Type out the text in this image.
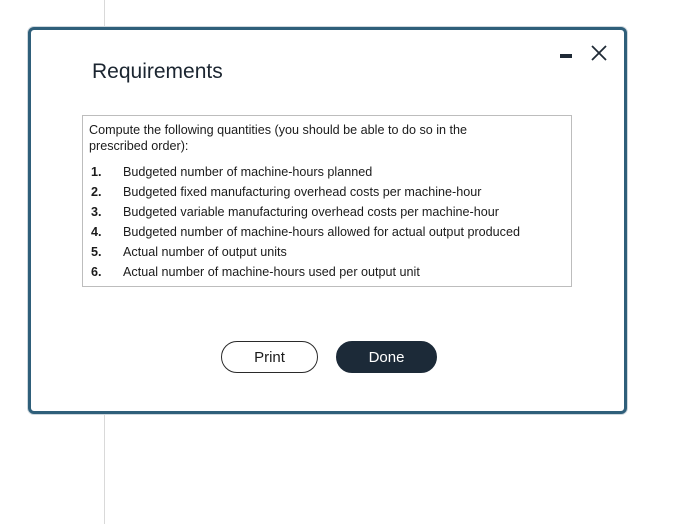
Requirements

Compute the following quantities (you should be able to do so in the prescribed order):

1.	Budgeted number of machine-hours planned
2.	Budgeted fixed manufacturing overhead costs per machine-hour
3.	Budgeted variable manufacturing overhead costs per machine-hour
4.	Budgeted number of machine-hours allowed for actual output produced
5.	Actual number of output units
6.	Actual number of machine-hours used per output unit
Print	Done
